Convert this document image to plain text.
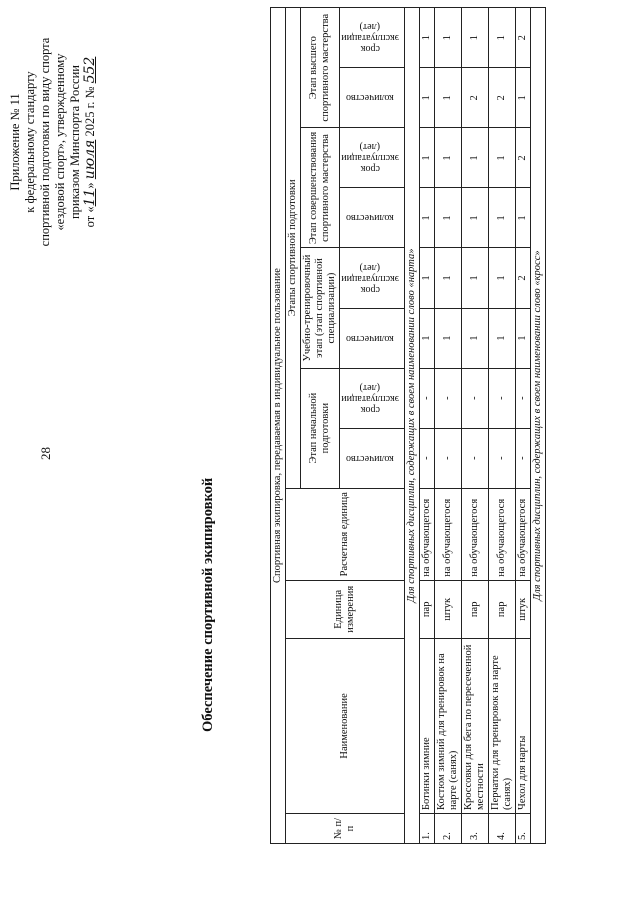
28
Приложение № 11 к федеральному стандарту спортивной подготовки по виду спорта «ездовой спорт», утвержденному приказом Минспорта России от «11» июля 2025 г. № 552
Обеспечение спортивной экипировкой
Спортивная экипировка, передаваемая в индивидуальное пользование											
№ п/п	Наименование	Единица измерения	Расчетная единица	Этапы спортивной подготовки							
				Этап начальной подготовки		Учебно-тренировочный этап (этап спортивной специализации)		Этап совершенствования спортивного мастерства		Этап высшего спортивного мастерства	
				количество	срок эксплуатации (лет)	количество	срок эксплуатации (лет)	количество	срок эксплуатации (лет)	количество	срок эксплуатации (лет)
Для спортивных дисциплин, содержащих в своем наименовании слово «нарта»											
1.	Ботинки зимние	пар	на обучающегося	-	-	1	1	1	1	1	1
2.	Костюм зимний для тренировок на нарте (санях)	штук	на обучающегося	-	-	1	1	1	1	1	1
3.	Кроссовки для бега по пересеченной местности	пар	на обучающегося	-	-	1	1	1	1	2	1
4.	Перчатки для тренировок на нарте (санях)	пар	на обучающегося	-	-	1	1	1	1	2	1
5.	Чехол для нарты	штук	на обучающегося	-	-	1	2	1	2	1	2
Для спортивных дисциплин, содержащих в своем наименовании слово «кросс»											
